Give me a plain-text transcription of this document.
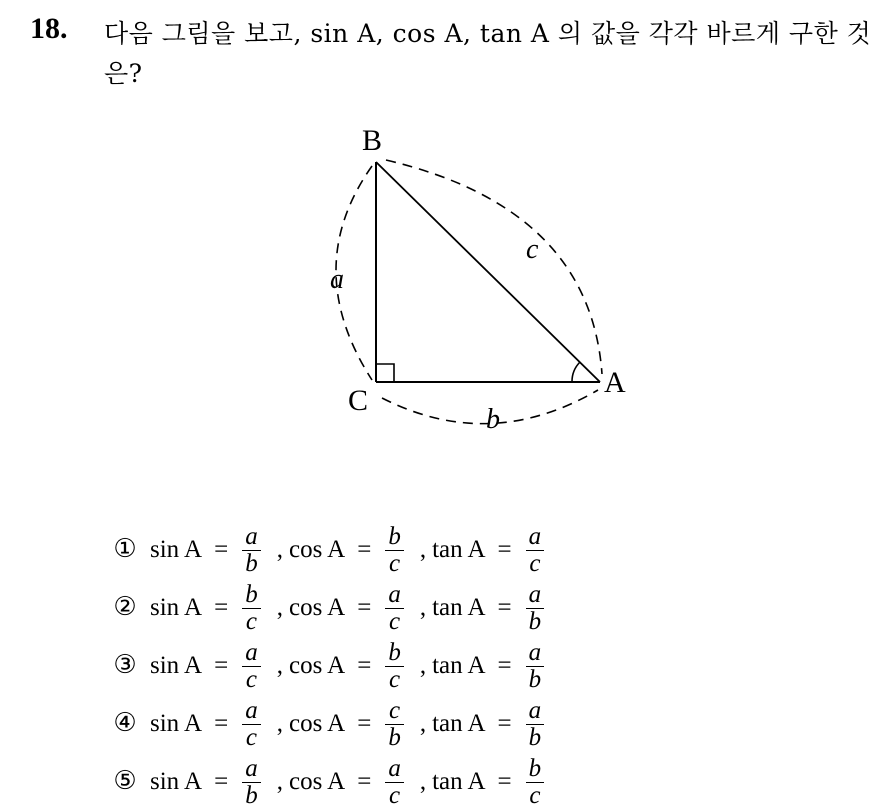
18. 다음 그림을 보고, sin A, cos A, tan A 의 값을 각각 바르게 구한 것은?
B
C
A
a
b
c
① $\sin A = \frac{a}{b}$ , $\cos A = \frac{b}{c}$ , $\tan A = \frac{a}{c}$
② $\sin A = \frac{b}{c}$ , $\cos A = \frac{a}{c}$ , $\tan A = \frac{a}{b}$
③ $\sin A = \frac{a}{c}$ , $\cos A = \frac{b}{c}$ , $\tan A = \frac{a}{b}$
④ $\sin A = \frac{a}{c}$ , $\cos A = \frac{c}{b}$ , $\tan A = \frac{a}{b}$
⑤ $\sin A = \frac{a}{b}$ , $\cos A = \frac{a}{c}$ , $\tan A = \frac{b}{c}$
